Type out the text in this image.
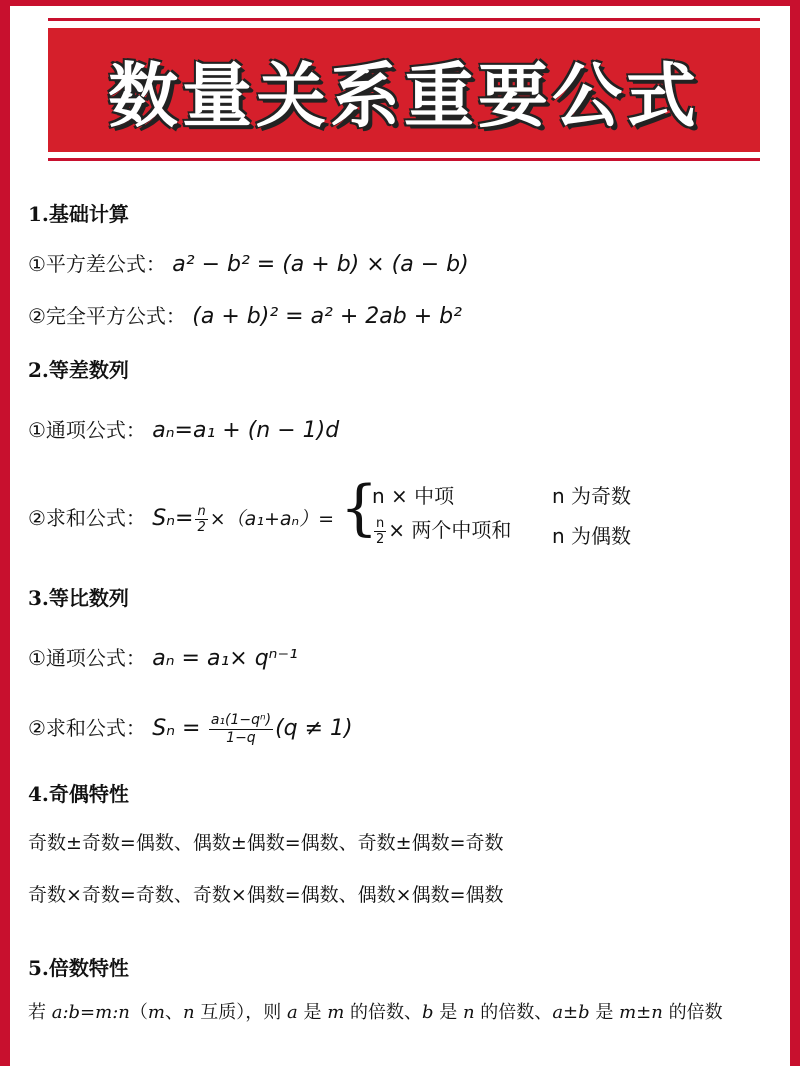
数量关系重要公式
1.基础计算
①平方差公式： a² − b² = (a + b) × (a − b)
②完全平方公式： (a + b)² = a² + 2ab + b²
2.等差数列
①通项公式： aₙ=a₁ + (n − 1)d
②求和公式： $S_n= \frac{n}{2} \times(a_1+a_n)=$
3.等比数列
①通项公式： aₙ = a₁× qⁿ⁻¹
②求和公式： $S_n = \frac{\text{a₁(1−qⁿ)}}{1-q} (q \ne 1)$
4.奇偶特性
奇数±奇数=偶数、偶数±偶数=偶数、奇数±偶数=奇数
奇数×奇数=奇数、奇数×偶数=偶数、偶数×偶数=偶数
5.倍数特性
若 a:b=m:n（m、n 互质），则 a 是 m 的倍数、b 是 n 的倍数、a±b 是 m±n 的倍数
{
n × 中项	n 为奇数
$\frac{n}{2}$ × 两个中项和 n 为偶数
